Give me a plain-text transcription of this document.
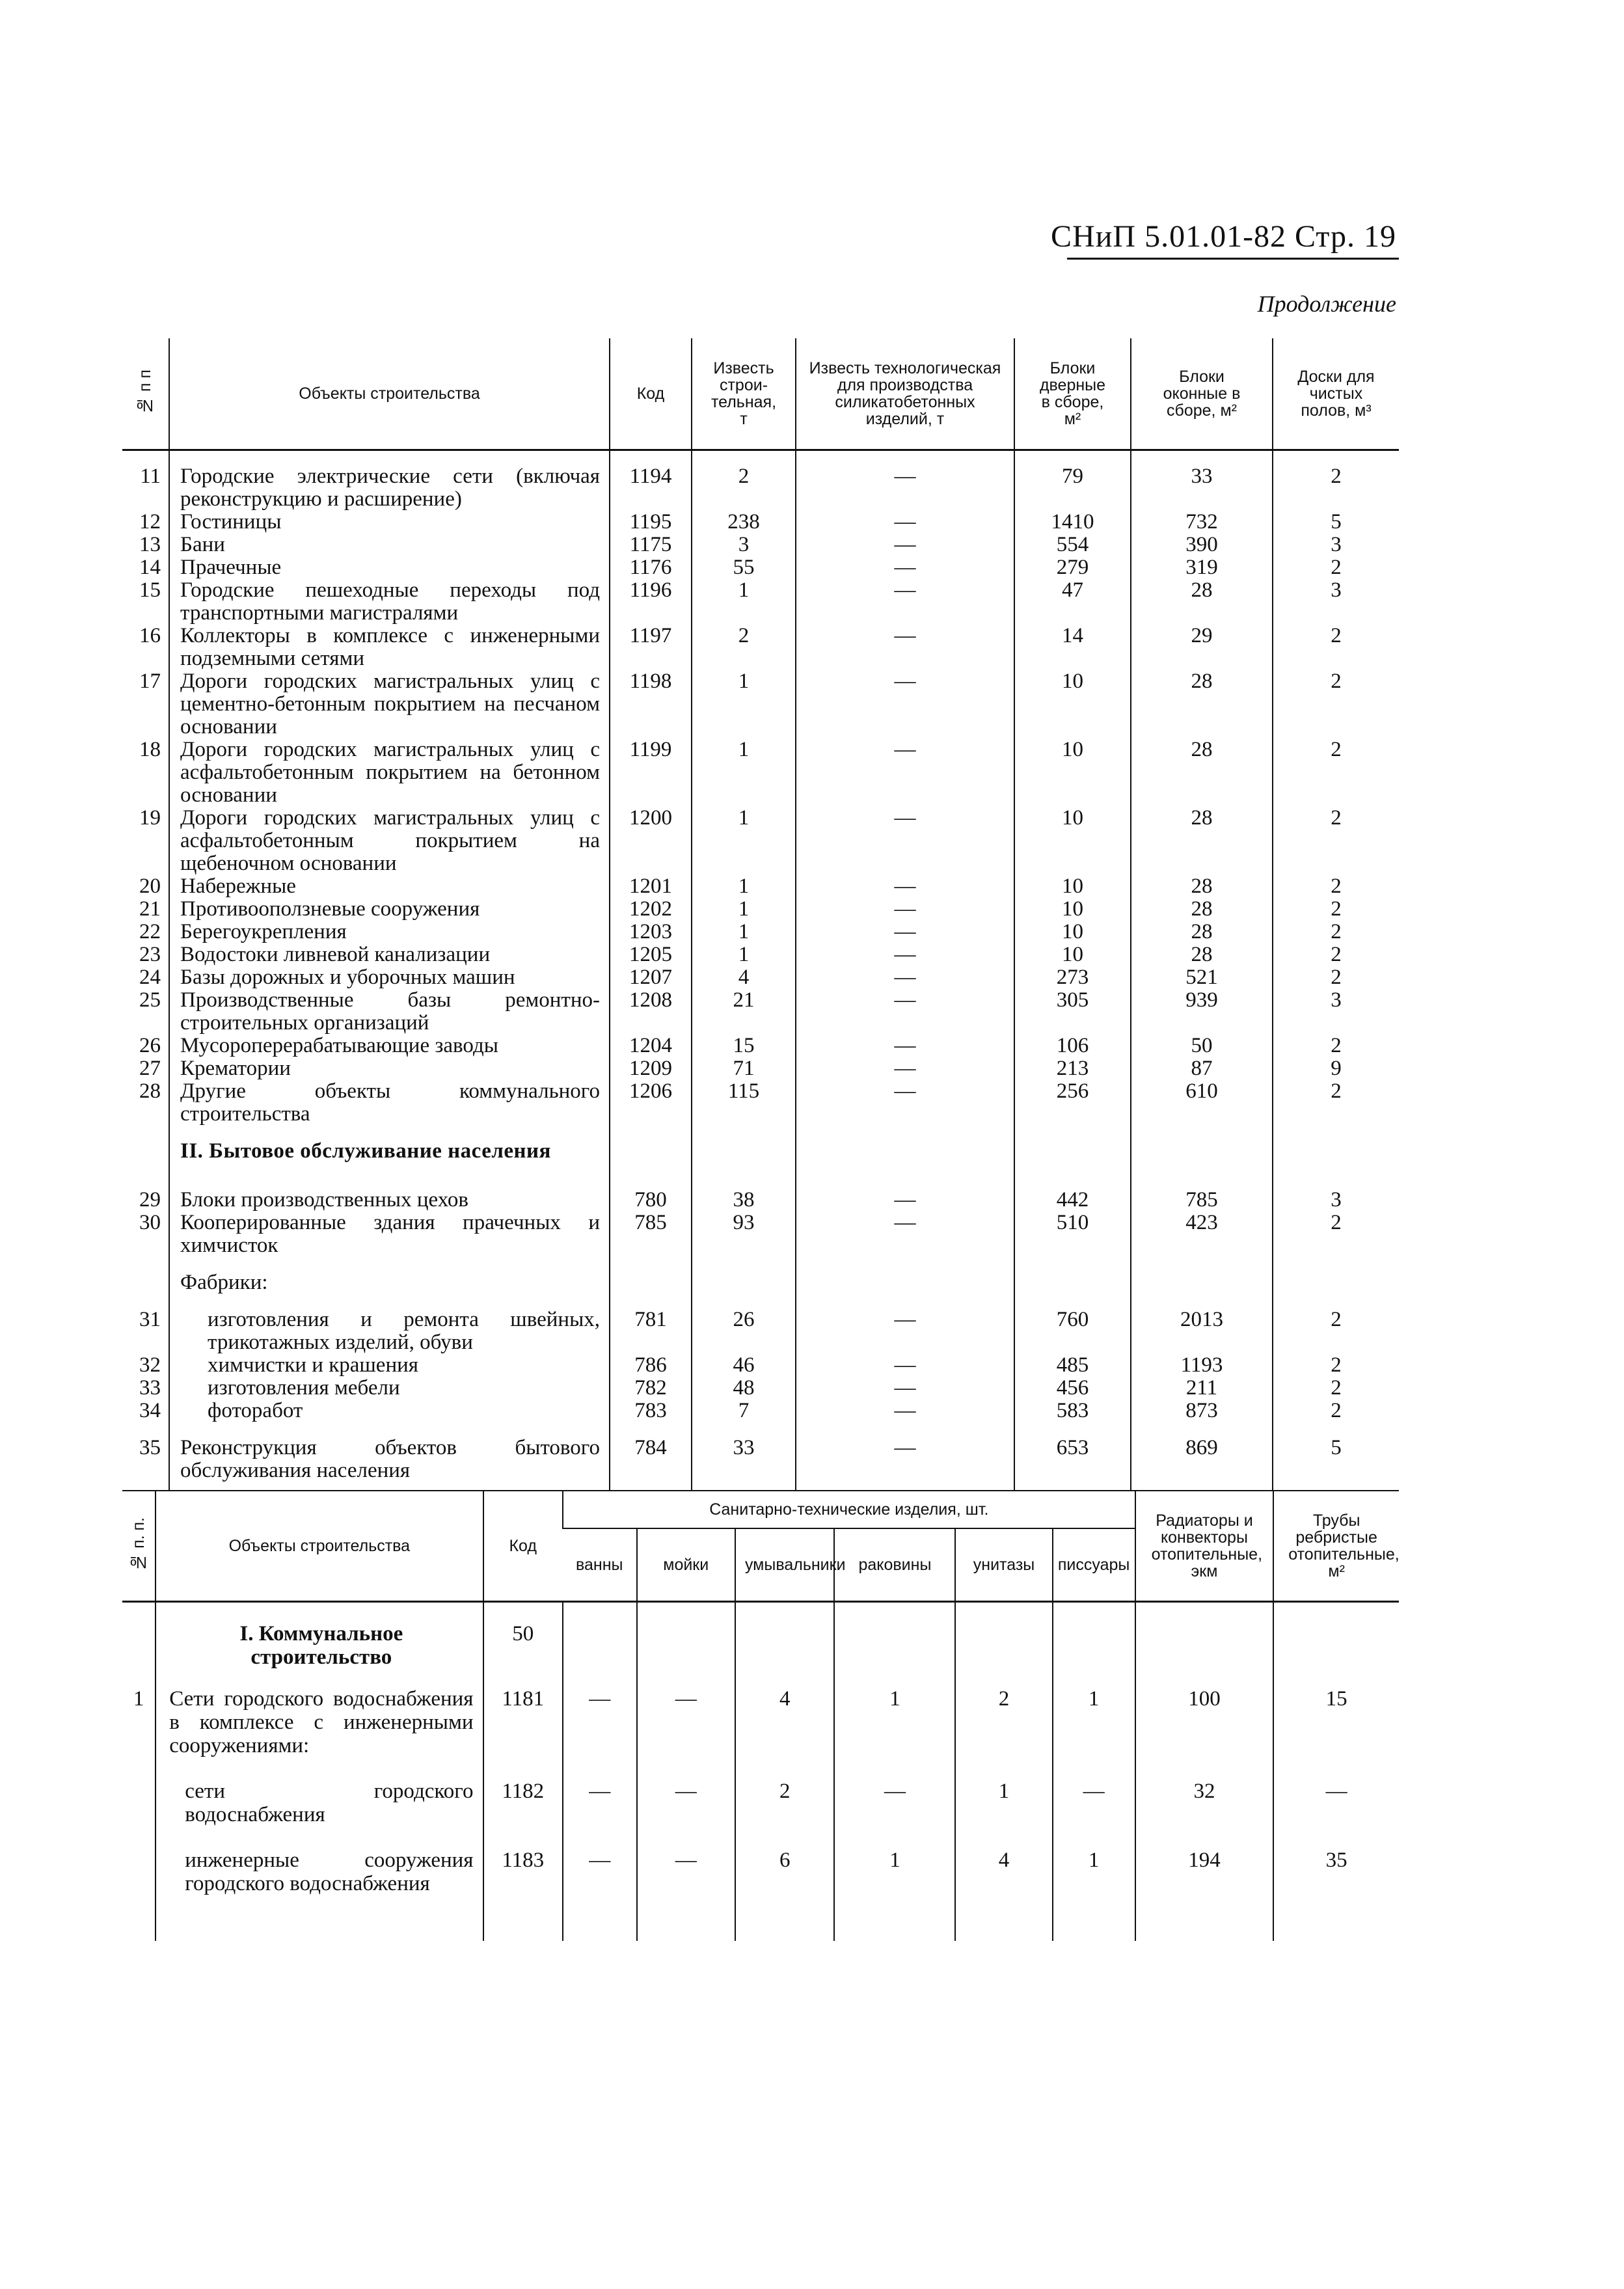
СНиП 5.01.01-82 Стр. 19
Продолжение
№ п п	Объекты строительства	Код	Известь строи-тельная, т	Известь технологическая для производства силикатобетонных изделий, т	Блоки дверные в сборе, м²	Блоки оконные в сборе, м²	Доски для чистых полов, м³
11	Городские электрические сети (включая реконструкцию и расширение)	1194	2	—	79	33	2
12	Гостиницы	1195	238	—	1410	732	5
13	Бани	1175	3	—	554	390	3
14	Прачечные	1176	55	—	279	319	2
15	Городские пешеходные переходы под транспортными магистралями	1196	1	—	47	28	3
16	Коллекторы в комплексе с инженерными подземными сетями	1197	2	—	14	29	2
17	Дороги городских магистральных улиц с цементно-бетонным покрытием на песчаном основании	1198	1	—	10	28	2
18	Дороги городских магистральных улиц с асфальтобетонным покрытием на бетонном основании	1199	1	—	10	28	2
19	Дороги городских магистральных улиц с асфальтобетонным покрытием на щебеночном основании	1200	1	—	10	28	2
20	Набережные	1201	1	—	10	28	2
21	Противооползневые сооружения	1202	1	—	10	28	2
22	Берегоукрепления	1203	1	—	10	28	2
23	Водостоки ливневой канализации	1205	1	—	10	28	2
24	Базы дорожных и уборочных машин	1207	4	—	273	521	2
25	Производственные базы ремонтно-строительных организаций	1208	21	—	305	939	3
26	Мусороперерабатывающие заводы	1204	15	—	106	50	2
27	Крематории	1209	71	—	213	87	9
28	Другие объекты коммунального строительства	1206	115	—	256	610	2
	II. Бытовое обслуживание населения						
29	Блоки производственных цехов	780	38	—	442	785	3
30	Кооперированные здания прачечных и химчисток	785	93	—	510	423	2
	Фабрики:						
31	изготовления и ремонта швейных, трикотажных изделий, обуви	781	26	—	760	2013	2
32	химчистки и крашения	786	46	—	485	1193	2
33	изготовления мебели	782	48	—	456	211	2
34	фоторабот	783	7	—	583	873	2
35	Реконструкция объектов бытового обслуживания населения	784	33	—	653	869	5
№ п. п.	Объекты строительства	Код	Санитарно-технические изделия, шт.						Радиаторы и конвекторы отопительные, экм	Трубы ребристые отопительные, м²
			ванны	мойки	умывальники	раковины	унитазы	писсуары		
	I. Коммунальное строительство	50								
1	Сети городского водоснабжения в комплексе с инженерными сооружениями:	1181	—	—	4	1	2	1	100	15
	сети городского водоснабжения	1182	—	—	2	—	1	—	32	—
	инженерные сооружения городского водоснабжения	1183	—	—	6	1	4	1	194	35
